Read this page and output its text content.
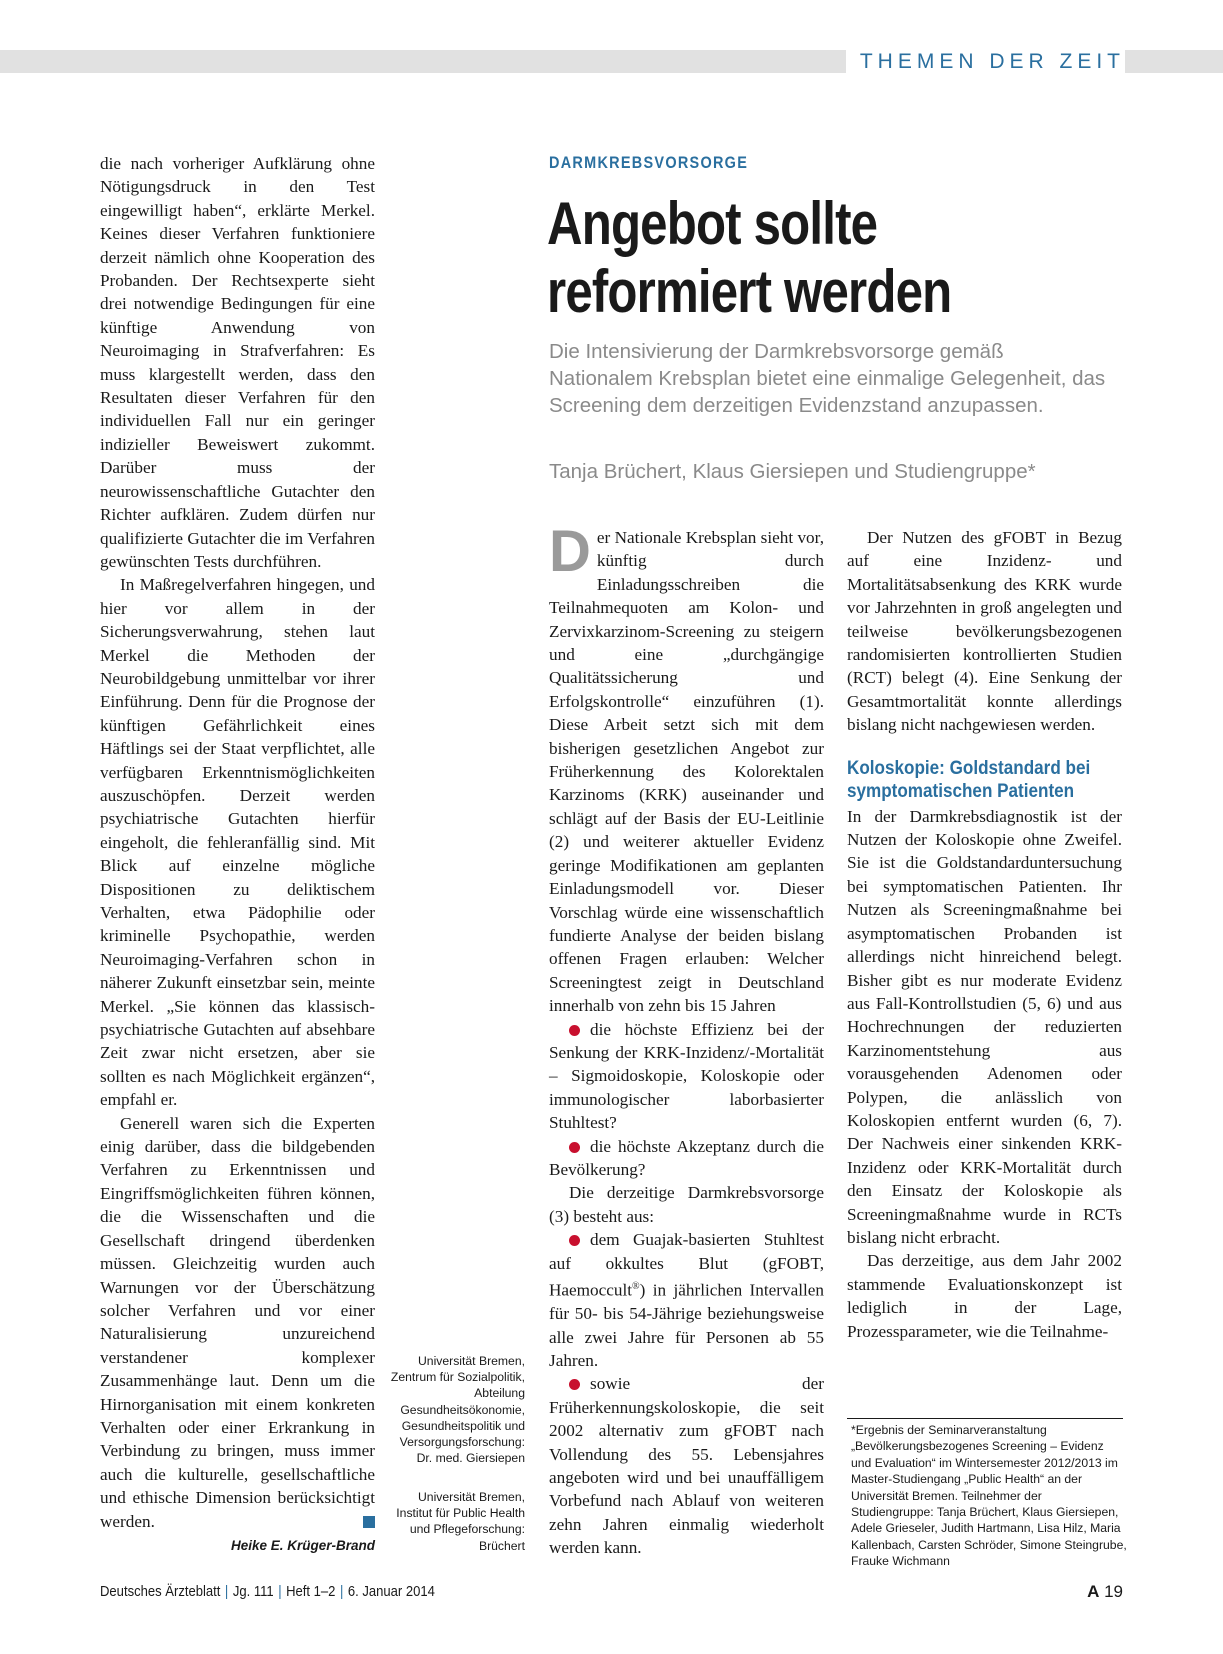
THEMEN DER ZEIT

die nach vorheriger Aufklärung ohne Nötigungsdruck in den Test eingewilligt haben“, erklärte Merkel. Keines dieser Verfahren funktioniere derzeit nämlich ohne Kooperation des Probanden. Der Rechtsexperte sieht drei notwendige Bedingungen für eine künftige Anwendung von Neuroimaging in Strafverfahren: Es muss klargestellt werden, dass den Resultaten dieser Verfahren für den individuellen Fall nur ein geringer indizieller Beweiswert zukommt. Darüber muss der neurowissenschaftliche Gutachter den Richter aufklären. Zudem dürfen nur qualifizierte Gutachter die im Verfahren gewünschten Tests durchführen.

In Maßregelverfahren hingegen, und hier vor allem in der Sicherungsverwahrung, stehen laut Merkel die Methoden der Neurobildgebung unmittelbar vor ihrer Einführung. Denn für die Prognose der künftigen Gefährlichkeit eines Häftlings sei der Staat verpflichtet, alle verfügbaren Erkenntnismöglichkeiten auszuschöpfen. Derzeit werden psychiatrische Gutachten hierfür eingeholt, die fehleranfällig sind. Mit Blick auf einzelne mögliche Dispositionen zu deliktischem Verhalten, etwa Pädophilie oder kriminelle Psychopathie, werden Neuroimaging-Verfahren schon in näherer Zukunft einsetzbar sein, meinte Merkel. „Sie können das klassisch-psychiatrische Gutachten auf absehbare Zeit zwar nicht ersetzen, aber sie sollten es nach Möglichkeit ergänzen“, empfahl er.

Generell waren sich die Experten einig darüber, dass die bildgebenden Verfahren zu Erkenntnissen und Eingriffsmöglichkeiten führen können, die die Wissenschaften und die Gesellschaft dringend überdenken müssen. Gleichzeitig wurden auch Warnungen vor der Überschätzung solcher Verfahren und vor einer Naturalisierung unzureichend verstandener komplexer Zusammenhänge laut. Denn um die Hirnorganisation mit einem konkreten Verhalten oder einer Erkrankung in Verbindung zu bringen, muss immer auch die kulturelle, gesellschaftliche und ethische Dimension berücksichtigt werden.

Heike E. Krüger-Brand
Universität Bremen, Zentrum für Sozialpolitik, Abteilung Gesundheitsökonomie, Gesundheitspolitik und Versorgungsforschung: Dr. med. Giersiepen
Universität Bremen, Institut für Public Health und Pflegeforschung: Brüchert
DARMKREBSVORSORGE
Angebot sollte
reformiert werden
Die Intensivierung der Darmkrebsvorsorge gemäß Nationalem Krebsplan bietet eine einmalige Gelegenheit, das Screening dem derzeitigen Evidenzstand anzupassen.
Tanja Brüchert, Klaus Giersiepen und Studiengruppe*

Der Nationale Krebsplan sieht vor, künftig durch Einladungsschreiben die Teilnahmequoten am Kolon- und Zervixkarzinom-Screening zu steigern und eine „durchgängige Qualitätssicherung und Erfolgskontrolle“ einzuführen (1). Diese Arbeit setzt sich mit dem bisherigen gesetzlichen Angebot zur Früherkennung des Kolorektalen Karzinoms (KRK) auseinander und schlägt auf der Basis der EU-Leitlinie (2) und weiterer aktueller Evidenz geringe Modifikationen am geplanten Einladungsmodell vor. Dieser Vorschlag würde eine wissenschaftlich fundierte Analyse der beiden bislang offenen Fragen erlauben: Welcher Screeningtest zeigt in Deutschland innerhalb von zehn bis 15 Jahren

die höchste Effizienz bei der Senkung der KRK-Inzidenz/-Mortalität – Sigmoidoskopie, Koloskopie oder immunologischer laborbasierter Stuhltest?

die höchste Akzeptanz durch die Bevölkerung?

Die derzeitige Darmkrebsvorsorge (3) besteht aus:

dem Guajak-basierten Stuhltest auf okkultes Blut (gFOBT, Haemoccult®) in jährlichen Intervallen für 50- bis 54-Jährige beziehungsweise alle zwei Jahre für Personen ab 55 Jahren.

sowie der Früherkennungskoloskopie, die seit 2002 alternativ zum gFOBT nach Vollendung des 55. Lebensjahres angeboten wird und bei unauffälligem Vorbefund nach Ablauf von weiteren zehn Jahren einmalig wiederholt werden kann.

Der Nutzen des gFOBT in Bezug auf eine Inzidenz- und Mortalitätsabsenkung des KRK wurde vor Jahrzehnten in groß angelegten und teilweise bevölkerungsbezogenen randomisierten kontrollierten Studien (RCT) belegt (4). Eine Senkung der Gesamtmortalität konnte allerdings bislang nicht nachgewiesen werden.

Koloskopie: Goldstandard bei symptomatischen Patienten

In der Darmkrebsdiagnostik ist der Nutzen der Koloskopie ohne Zweifel. Sie ist die Goldstandarduntersuchung bei symptomatischen Patienten. Ihr Nutzen als Screeningmaßnahme bei asymptomatischen Probanden ist allerdings nicht hinreichend belegt. Bisher gibt es nur moderate Evidenz aus Fall-Kontrollstudien (5, 6) und aus Hochrechnungen der reduzierten Karzinomentstehung aus vorausgehenden Adenomen oder Polypen, die anlässlich von Koloskopien entfernt wurden (6, 7). Der Nachweis einer sinkenden KRK-Inzidenz oder KRK-Mortalität durch den Einsatz der Koloskopie als Screeningmaßnahme wurde in RCTs bislang nicht erbracht.

Das derzeitige, aus dem Jahr 2002 stammende Evaluationskonzept ist lediglich in der Lage, Prozessparameter, wie die Teilnahme-

*Ergebnis der Seminarveranstaltung „Bevölkerungsbezogenes Screening – Evidenz und Evaluation“ im Wintersemester 2012/2013 im Master-Studiengang „Public Health“ an der Universität Bremen. Teilnehmer der Studiengruppe: Tanja Brüchert, Klaus Giersiepen, Adele Grieseler, Judith Hartmann, Lisa Hilz, Maria Kallenbach, Carsten Schröder, Simone Steingrube, Frauke Wichmann
Deutsches Ärzteblatt | Jg. 111 | Heft 1–2 | 6. Januar 2014	A 19
